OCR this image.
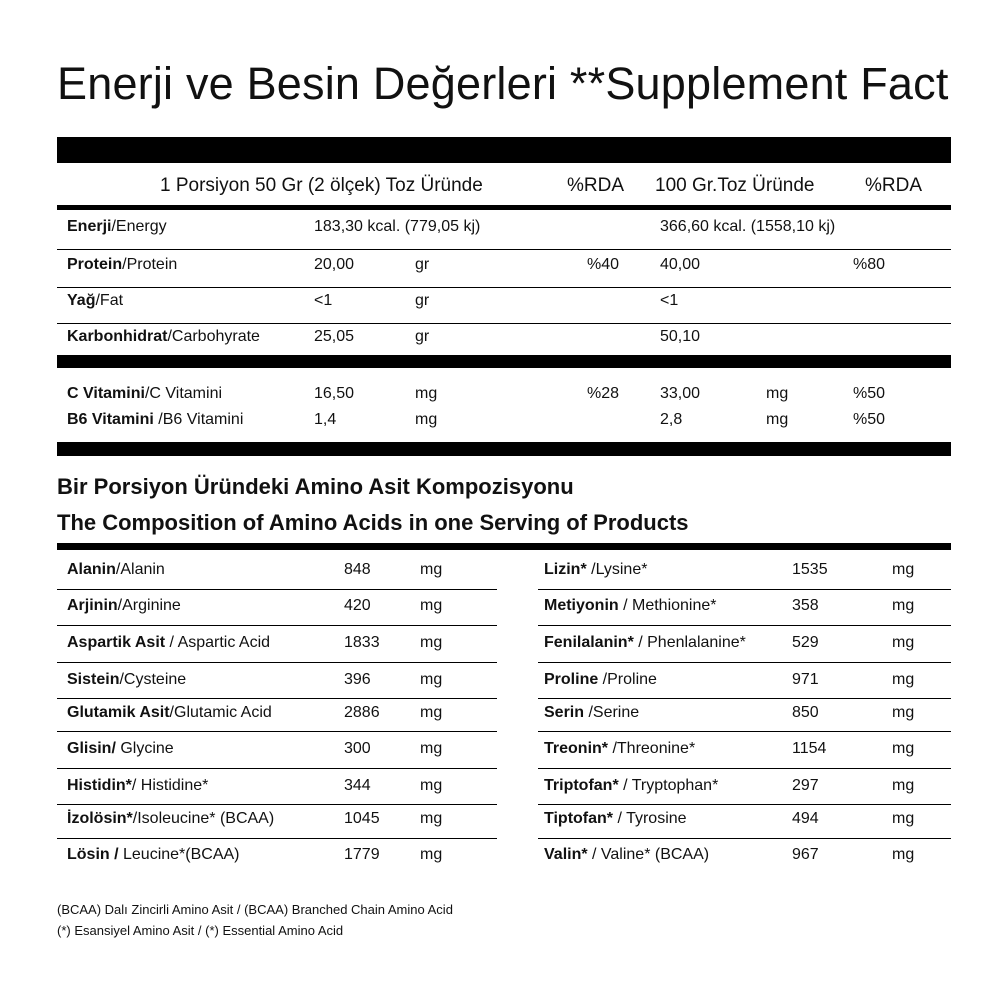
Enerji ve Besin Değerleri **Supplement Fact
1 Porsiyon 50 Gr (2 ölçek) Toz Üründe	%RDA 100 Gr.Toz Üründe	%RDA
Enerji/Energy	183,30 kcal. (779,05 kj)	366,60 kcal. (1558,10 kj)
Protein/Protein	20,00	gr	%40	40,00	%80
Yağ/Fat	<1	gr	<1
Karbonhidrat/Carbohyrate	25,05	gr	50,10
C Vitamini/C Vitamini	16,50	mg	%28	33,00	mg	%50
B6 Vitamini /B6 Vitamini	1,4	mg	2,8	mg	%50
Bir Porsiyon Üründeki Amino Asit Kompozisyonu
The Composition of Amino Acids in one Serving of Products
Alanin/Alanin	848	mg
Arjinin/Arginine	420	mg
Aspartik Asit / Aspartic Acid	1833	mg
Sistein/Cysteine	396	mg
Glutamik Asit/Glutamic Acid	2886	mg
Glisin/ Glycine	300	mg
Histidin*/ Histidine*	344	mg
İzolösin*/Isoleucine* (BCAA)	1045	mg
Lösin / Leucine*(BCAA)	1779	mg
Lizin* /Lysine*	1535	mg
Metiyonin / Methionine*	358	mg
Fenilalanin* / Phenlalanine*	529	mg
Proline /Proline	971	mg
Serin /Serine	850	mg
Treonin* /Threonine*	1154	mg
Triptofan* / Tryptophan*	297	mg
Tiptofan* / Tyrosine	494	mg
Valin* / Valine* (BCAA)	967	mg
(BCAA) Dalı Zincirli Amino Asit / (BCAA) Branched Chain Amino Acid
(*) Esansiyel Amino Asit / (*) Essential Amino Acid
